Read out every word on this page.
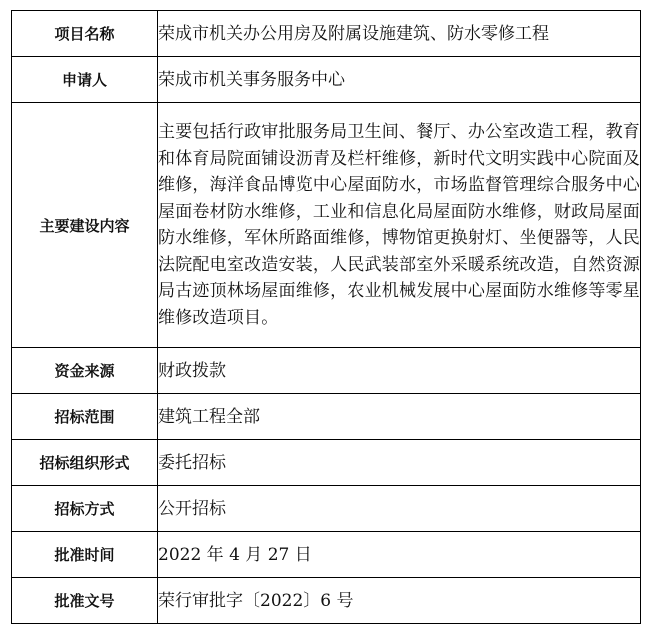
项目名称	荣成市机关办公用房及附属设施建筑、防水零修工程
申请人	荣成市机关事务服务中心
主要建设内容	主要包括行政审批服务局卫生间、餐厅、办公室改造工程，教育和体育局院面铺设沥青及栏杆维修，新时代文明实践中心院面及维修，海洋食品博览中心屋面防水，市场监督管理综合服务中心屋面卷材防水维修，工业和信息化局屋面防水维修，财政局屋面防水维修，军休所路面维修，博物馆更换射灯、坐便器等，人民法院配电室改造安装，人民武装部室外采暖系统改造，自然资源局古迹顶林场屋面维修，农业机械发展中心屋面防水维修等零星维修改造项目。
资金来源	财政拨款
招标范围	建筑工程全部
招标组织形式	委托招标
招标方式	公开招标
批准时间	2022 年 4 月 27 日
批准文号	荣行审批字〔2022〕6 号
